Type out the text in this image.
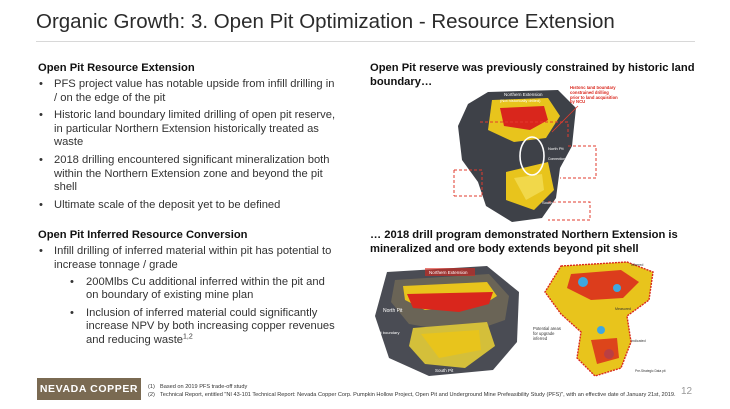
Organic Growth: 3. Open Pit Optimization - Resource Extension
Open Pit Resource Extension
• PFS project value has notable upside from infill drilling in / on the edge of the pit
• Historic land boundary limited drilling of open pit reserve, in particular Northern Extension historically treated as waste
• 2018 drilling encountered significant mineralization both within the Northern Extension zone and beyond the pit shell
• Ultimate scale of the deposit yet to be defined
Open Pit Inferred Resource Conversion
• Infill drilling of inferred material within pit has potential to increase tonnage / grade
• 200Mlbs Cu additional inferred within the pit and on boundary of existing mine plan
• Inclusion of inferred material could significantly increase NPV by both increasing copper revenues and reducing waste$^{1,2}$
Open Pit reserve was previously constrained by historic land boundary…
… 2018 drill program demonstrated Northern Extension is mineralized and ore body extends beyond pit shell
Northern Extension
(Not historically drilled)
North Pit
Connection zone
South Pit
Historic land boundary constrained drilling prior to land acquisition by NCU
Northern Extension
North Pit
Pit boundary
South Pit
Inferred
Measured
Indicated
Pre-Strategic Data pit
Potential areas for upgrade inferred
NEVADA COPPER	(1) Based on 2019 PFS trade-off study
(2) Technical Report, entitled "NI 43-101 Technical Report: Nevada Copper Corp. Pumpkin Hollow Project, Open Pit and Underground Mine Prefeasibility Study (PFS)", with an effective date of January 21st, 2019. 12
